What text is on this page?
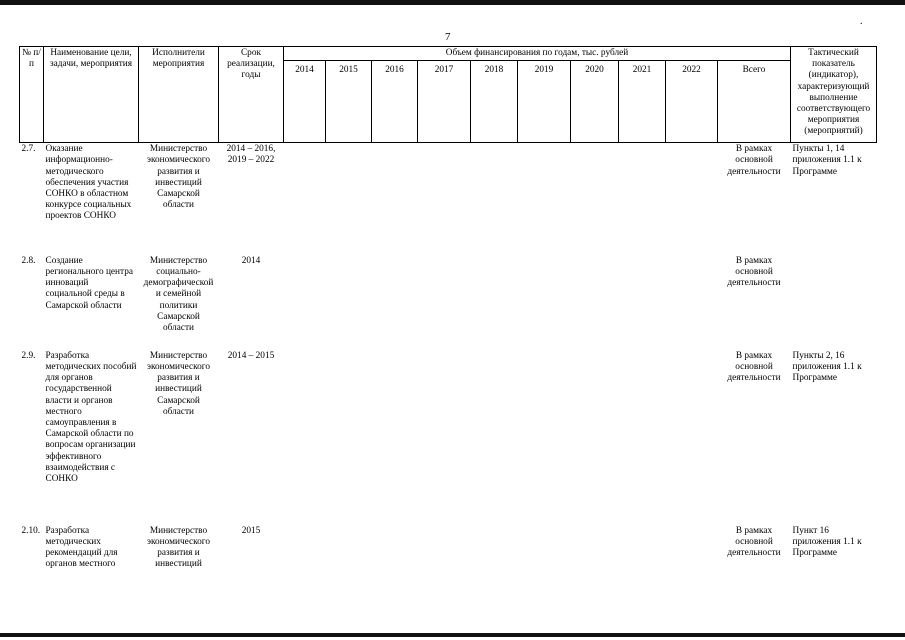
7
.
№ п/п	Наименование цели, задачи, мероприятия	Исполнители мероприятия	Срок реализации, годы	Объем финансирования по годам, тыс. рублей										Тактический показатель (индикатор), характеризующий выполнение соответствующего мероприятия (мероприятий)
				2014	2015	2016	2017	2018	2019	2020	2021	2022	Всего	
2.7.	Оказание информационно-методического обеспечения участия СОНКО в областном конкурсе социальных проектов СОНКО	Министерство экономического развития и инвестиций Самарской области	2014 – 2016, 2019 – 2022										В рамках основной деятельности	Пункты 1, 14 приложения 1.1 к Программе
2.8.	Создание регионального центра инноваций социальной среды в Самарской области	Министерство социально-демографической и семейной политики Самарской области	2014										В рамках основной деятельности	
2.9.	Разработка методических пособий для органов государственной власти и органов местного самоуправления в Самарской области по вопросам организации эффективного взаимодействия с СОНКО	Министерство экономического развития и инвестиций Самарской области	2014 – 2015										В рамках основной деятельности	Пункты 2, 16 приложения 1.1 к Программе
2.10.	Разработка методических рекомендаций для органов местного	Министерство экономического развития и инвестиций	2015										В рамках основной деятельности	Пункт 16 приложения 1.1 к Программе
